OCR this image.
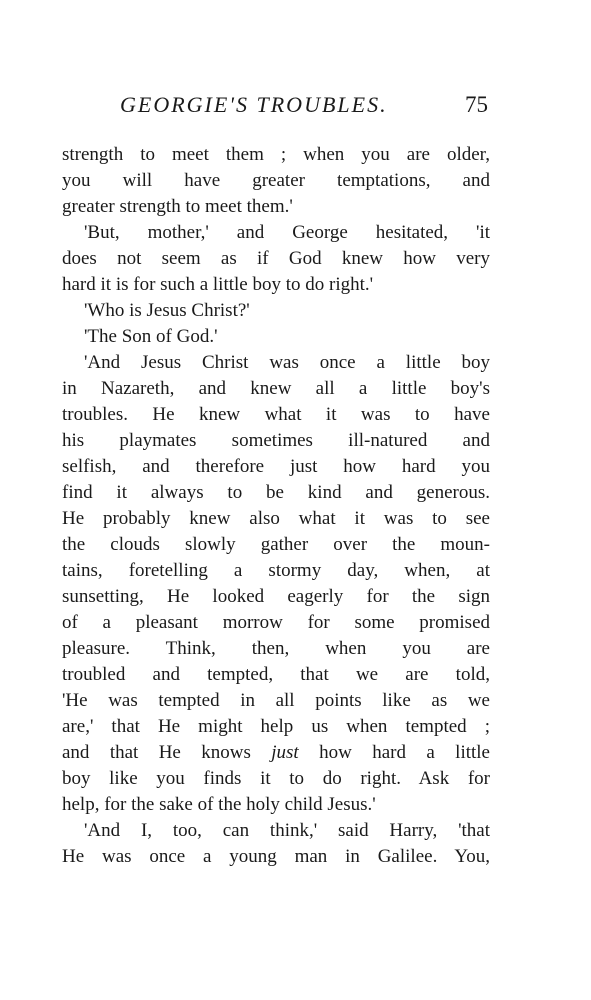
GEORGIE'S TROUBLES.	75
strength to meet them ; when you are older,
you will have greater temptations, and
greater strength to meet them.'
'But, mother,' and George hesitated, 'it
does not seem as if God knew how very
hard it is for such a little boy to do right.'
'Who is Jesus Christ?'
'The Son of God.'
'And Jesus Christ was once a little boy
in Nazareth, and knew all a little boy's
troubles. He knew what it was to have
his playmates sometimes ill-natured and
selfish, and therefore just how hard you
find it always to be kind and generous.
He probably knew also what it was to see
the clouds slowly gather over the moun-
tains, foretelling a stormy day, when, at
sunsetting, He looked eagerly for the sign
of a pleasant morrow for some promised
pleasure. Think, then, when you are
troubled and tempted, that we are told,
'He was tempted in all points like as we
are,' that He might help us when tempted ;
and that He knows just how hard a little
boy like you finds it to do right. Ask for
help, for the sake of the holy child Jesus.'
'And I, too, can think,' said Harry, 'that
He was once a young man in Galilee. You,
